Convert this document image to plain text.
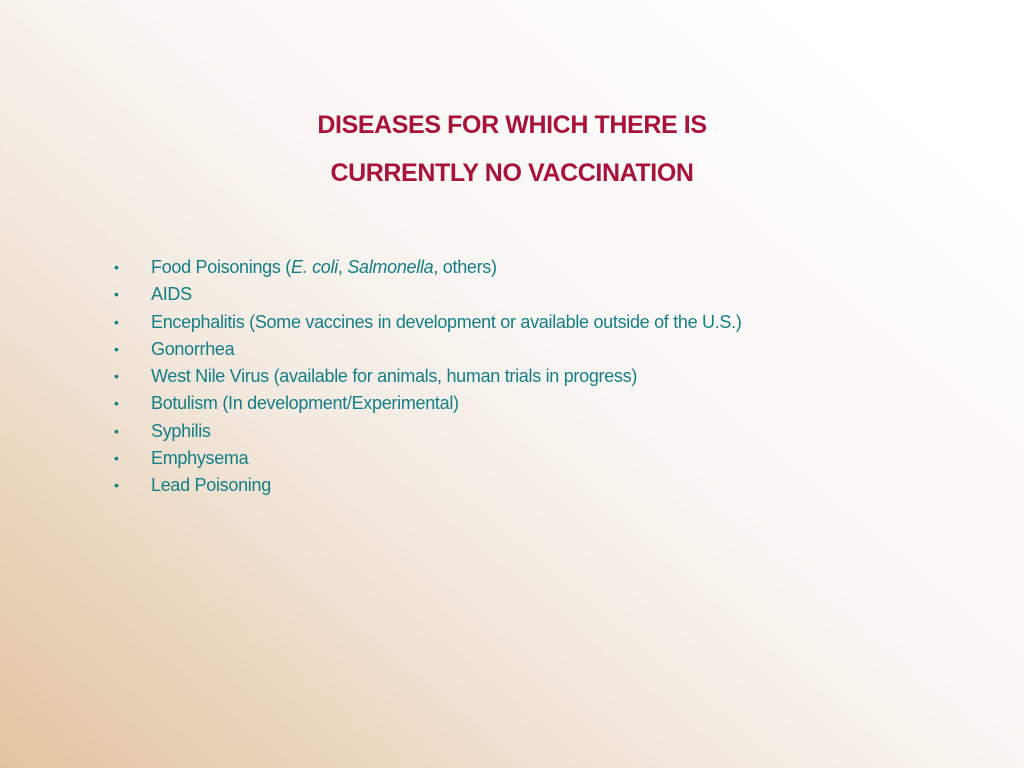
DISEASES FOR WHICH THERE IS
CURRENTLY NO VACCINATION
• Food Poisonings (E. coli, Salmonella, others)
• AIDS
• Encephalitis (Some vaccines in development or available outside of the U.S.)
• Gonorrhea
• West Nile Virus (available for animals, human trials in progress)
• Botulism (In development/Experimental)
• Syphilis
• Emphysema
• Lead Poisoning
